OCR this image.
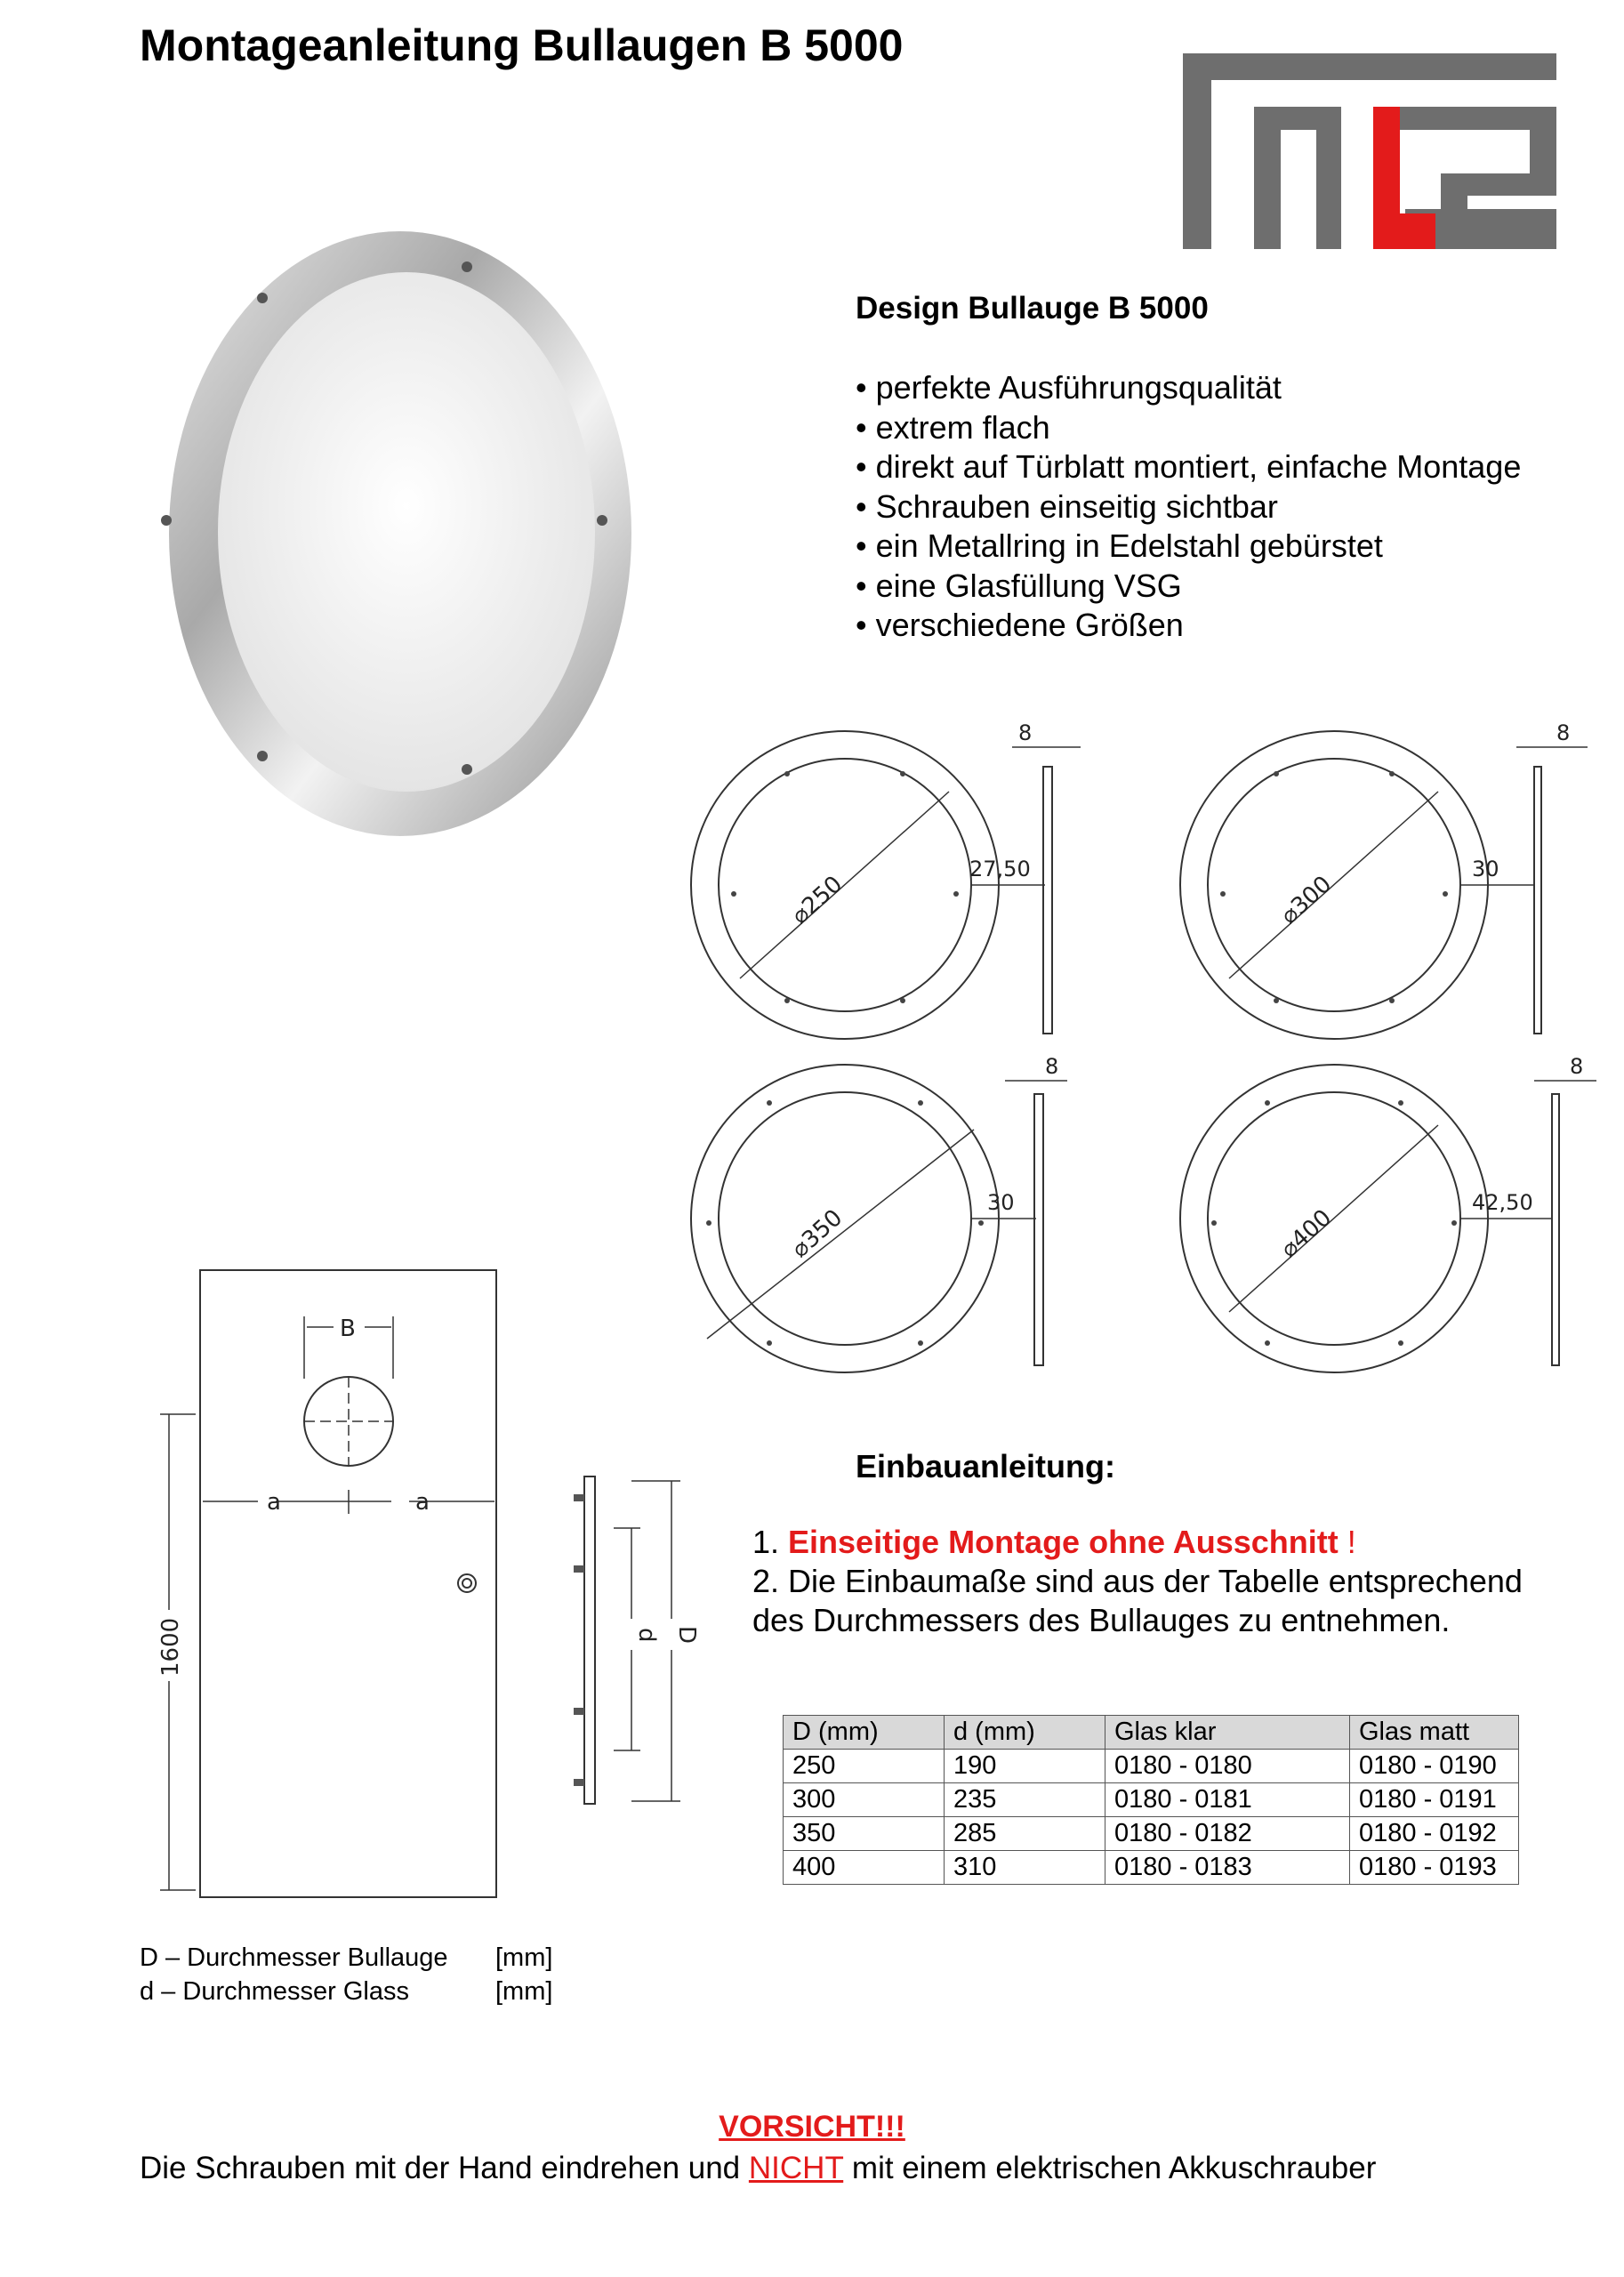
Montageanleitung Bullaugen B 5000
Design Bullauge B 5000
• perfekte Ausführungsqualität
• extrem flach
• direkt auf Türblatt montiert, einfache Montage
• Schrauben einseitig sichtbar
• ein Metallring in Edelstahl gebürstet
• eine Glasfüllung VSG
• verschiedene Größen
⌀250
27,50
8
⌀300
30
8
⌀350
30
8
⌀400
42,50
8
B
a	a
1600	d D
Einbauanleitung:
1. Einseitige Montage ohne Ausschnitt !
2. Die Einbaumaße sind aus der Tabelle entsprechend
des Durchmessers des Bullauges zu entnehmen.
D (mm)	d (mm)	Glas klar	Glas matt
250	190	0180 - 0180	0180 - 0190
300	235	0180 - 0181	0180 - 0191
350	285	0180 - 0182	0180 - 0192
400	310	0180 - 0183	0180 - 0193
D – Durchmesser Bullauge [mm]
d – Durchmesser Glass	[mm]
VORSICHT!!!
Die Schrauben mit der Hand eindrehen und NICHT mit einem elektrischen Akkuschrauber
